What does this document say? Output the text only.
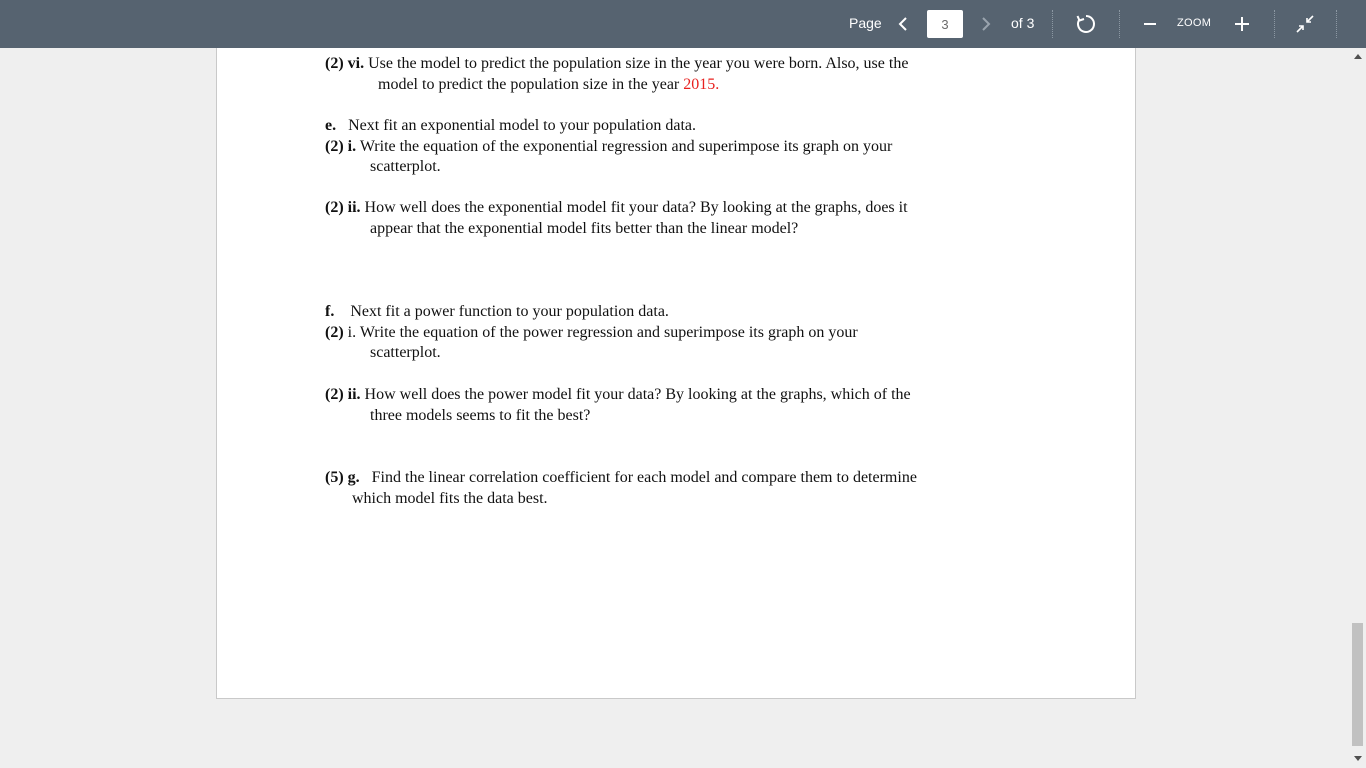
Page
3	of 3	ZOOM
(2) vi. Use the model to predict the population size in the year you were born. Also, use the
model to predict the population size in the year 2015.
e. Next fit an exponential model to your population data.
(2) i. Write the equation of the exponential regression and superimpose its graph on your
scatterplot.
(2) ii. How well does the exponential model fit your data? By looking at the graphs, does it
appear that the exponential model fits better than the linear model?
f. Next fit a power function to your population data.
(2) i. Write the equation of the power regression and superimpose its graph on your
scatterplot.
(2) ii. How well does the power model fit your data? By looking at the graphs, which of the
three models seems to fit the best?
(5) g. Find the linear correlation coefficient for each model and compare them to determine
which model fits the data best.
